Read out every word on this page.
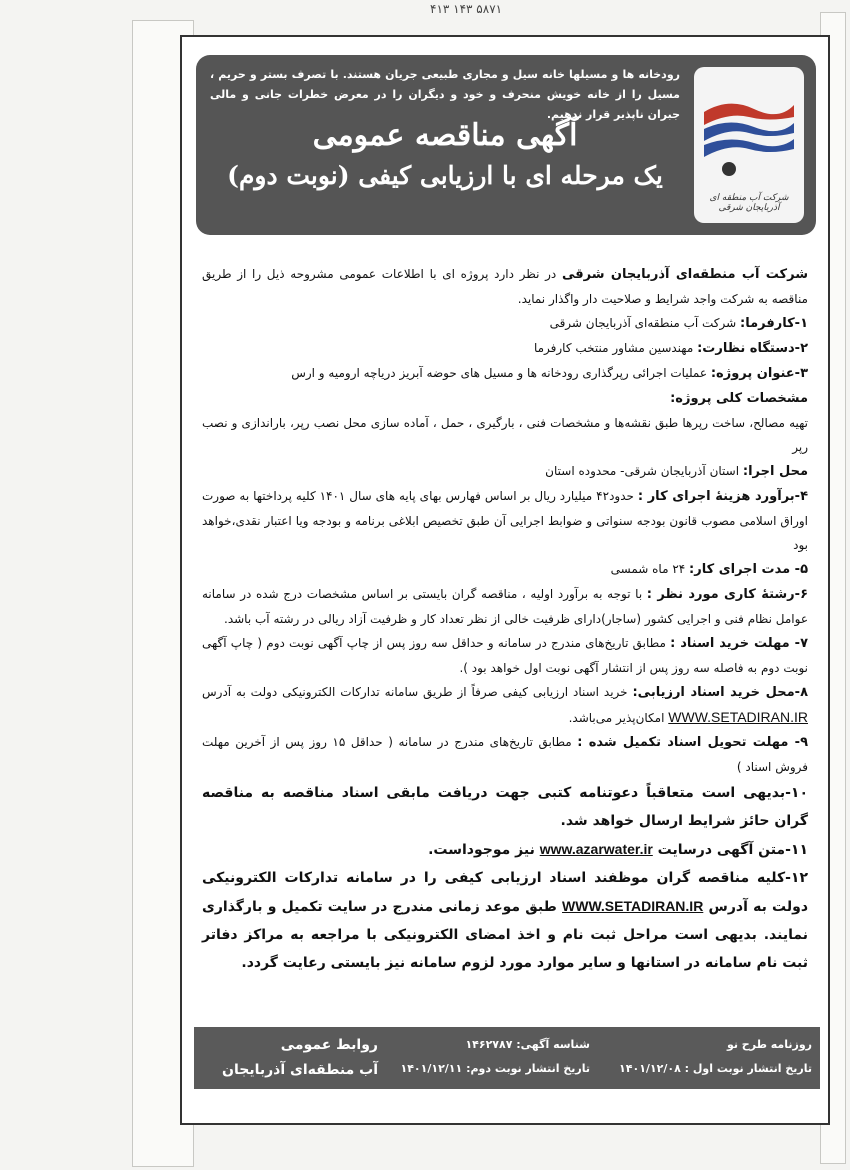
۴۱۳ ۱۴۳ ۵۸۷۱
شرکت آب منطقه ای آذربایجان شرقی
رودخانه ها و مسیلها خانه سیل و مجاری طبیعی جریان هستند. با تصرف بستر و حریم ، مسیل را از خانه خویش منحرف و خود و دیگران را در معرض خطرات جانی و مالی جبران ناپذیر قرار ندهیم.
آگهی مناقصه عمومی
یک مرحله ای با ارزیابی کیفی (نوبت دوم)

شرکت آب منطقه‌ای آذربایجان شرقی در نظر دارد پروژه ای با اطلاعات عمومی مشروحه ذیل را از طریق مناقصه به شرکت واجد شرایط و صلاحیت دار واگذار نماید.

۱-کارفرما: شرکت آب منطقه‌ای آذربایجان شرقی

۲-دستگاه نظارت: مهندسین مشاور منتخب کارفرما

۳-عنوان پروژه: عملیات اجرائی رپرگذاری رودخانه ها و مسیل های حوضه آبریز دریاچه ارومیه و ارس

مشخصات کلی پروژه:

تهیه مصالح، ساخت رپرها طبق نقشه‌ها و مشخصات فنی ، بارگیری ، حمل ، آماده سازی محل نصب رپر، باراندازی و نصب رپر

محل اجرا: استان آذربایجان شرقی- محدوده استان

۴-برآورد هزینهٔ اجرای کار : حدود۴۲ میلیارد ریال بر اساس فهارس بهای پایه های سال ۱۴۰۱ کلیه پرداختها به صورت اوراق اسلامی مصوب قانون بودجه سنواتی و ضوابط اجرایی آن طبق تخصیص ابلاغی برنامه و بودجه ویا اعتبار نقدی،خواهد بود

۵- مدت اجرای کار: ۲۴ ماه شمسی

۶-رشتهٔ کاری مورد نظر : با توجه به برآورد اولیه ، مناقصه گران بایستی بر اساس مشخصات درج شده در سامانه عوامل نظام فنی و اجرایی کشور (ساجار)دارای ظرفیت خالی از نظر تعداد کار و ظرفیت آزاد ریالی در رشته آب باشد.

۷- مهلت خرید اسناد : مطابق تاریخ‌های مندرج در سامانه و حداقل سه روز پس از چاپ آگهی نوبت دوم ( چاپ آگهی نوبت دوم به فاصله سه روز پس از انتشار آگهی نوبت اول خواهد بود ).

۸-محل خرید اسناد ارزیابی: خرید اسناد ارزیابی کیفی صرفاً از طریق سامانه تدارکات الکترونیکی دولت به آدرس WWW.SETADIRAN.IR امکان‌پذیر می‌باشد.

۹- مهلت تحویل اسناد تکمیل شده : مطابق تاریخ‌های مندرج در سامانه ( حداقل ۱۵ روز پس از آخرین مهلت فروش اسناد )

۱۰-بدیهی است متعاقباً دعوتنامه کتبی جهت دریافت مابقی اسناد مناقصه به مناقصه گران حائز شرایط ارسال خواهد شد.

۱۱-متن آگهی درسایت www.azarwater.ir نیز موجوداست.

۱۲-کلیه مناقصه گران موظفند اسناد ارزیابی کیفی را در سامانه تدارکات الکترونیکی دولت به آدرس WWW.SETADIRAN.IR طبق موعد زمانی مندرج در سایت تکمیل و بارگذاری نمایند. بدیهی است مراحل ثبت نام و اخذ امضای الکترونیکی با مراجعه به مراکز دفاتر ثبت نام سامانه در استانها و سایر موارد مورد لزوم سامانه نیز بایستی رعایت گردد.

روزنامه طرح نو
تاریخ انتشار نوبت اول : ۱۴۰۱/۱۲/۰۸
شناسه آگهی: ۱۴۶۲۷۸۷
تاریخ انتشار نوبت دوم: ۱۴۰۱/۱۲/۱۱
روابط عمومی
آب منطقه‌ای آذربایجان شرقی
